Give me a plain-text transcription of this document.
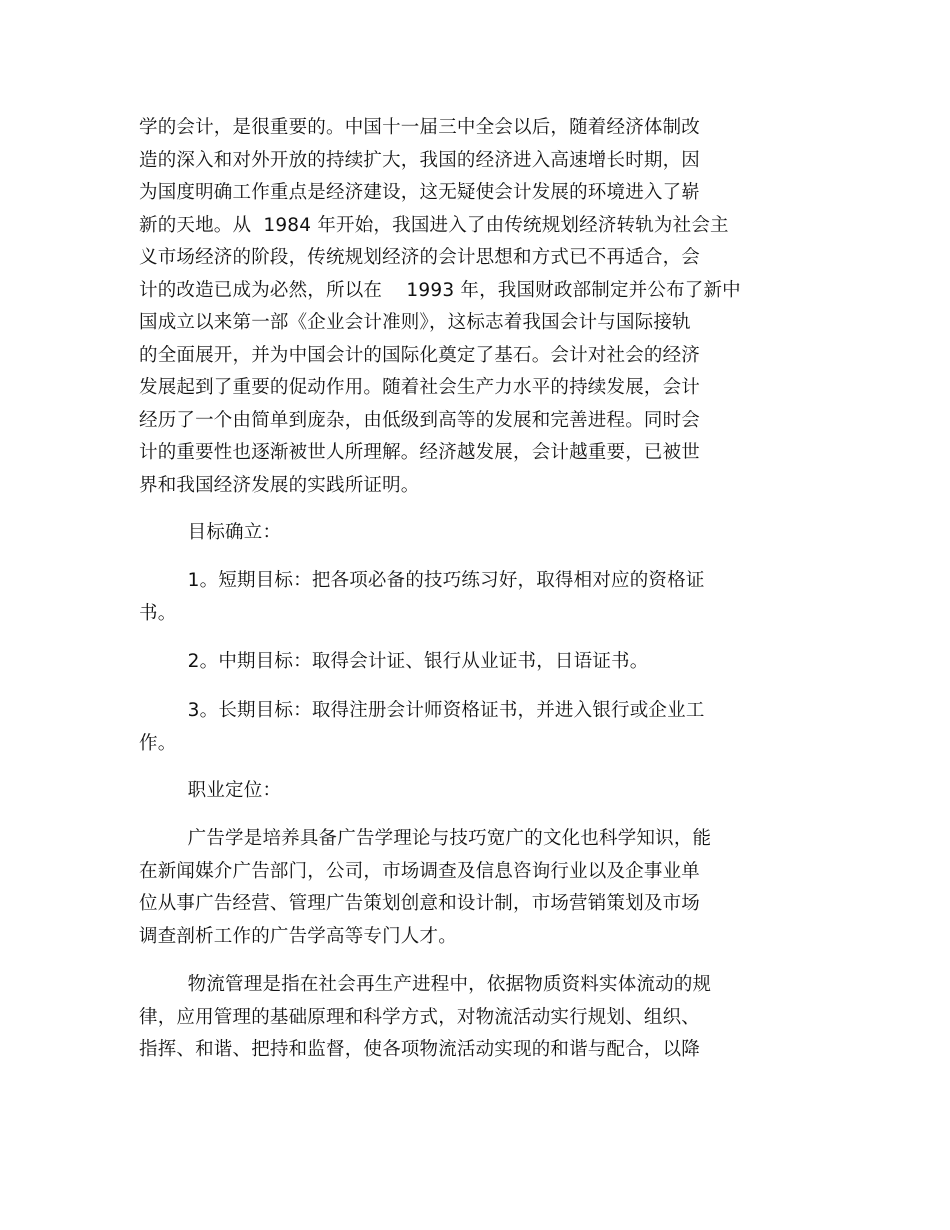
学的会计，是很重要的。中国十一届三中全会以后，随着经济体制改
造的深入和对外开放的持续扩大，我国的经济进入高速增长时期，因
为国度明确工作重点是经济建设，这无疑使会计发展的环境进入了崭
新的天地。从  1984 年开始，我国进入了由传统规划经济转轨为社会主
义市场经济的阶段，传统规划经济的会计思想和方式已不再适合，会
计的改造已成为必然，所以在    1993 年，我国财政部制定并公布了新中
国成立以来第一部《企业会计准则》，这标志着我国会计与国际接轨
的全面展开，并为中国会计的国际化奠定了基石。会计对社会的经济
发展起到了重要的促动作用。随着社会生产力水平的持续发展，会计
经历了一个由简单到庞杂，由低级到高等的发展和完善进程。同时会
计的重要性也逐渐被世人所理解。经济越发展，会计越重要，已被世
界和我国经济发展的实践所证明。
目标确立：
1。短期目标：把各项必备的技巧练习好，取得相对应的资格证
书。
2。中期目标：取得会计证、银行从业证书，日语证书。
3。长期目标：取得注册会计师资格证书，并进入银行或企业工
作。
职业定位：
广告学是培养具备广告学理论与技巧宽广的文化也科学知识，能
在新闻媒介广告部门，公司，市场调查及信息咨询行业以及企事业单
位从事广告经营、管理广告策划创意和设计制，市场营销策划及市场
调查剖析工作的广告学高等专门人才。
物流管理是指在社会再生产进程中，依据物质资料实体流动的规
律，应用管理的基础原理和科学方式，对物流活动实行规划、组织、
指挥、和谐、把持和监督，使各项物流活动实现的和谐与配合，以降
